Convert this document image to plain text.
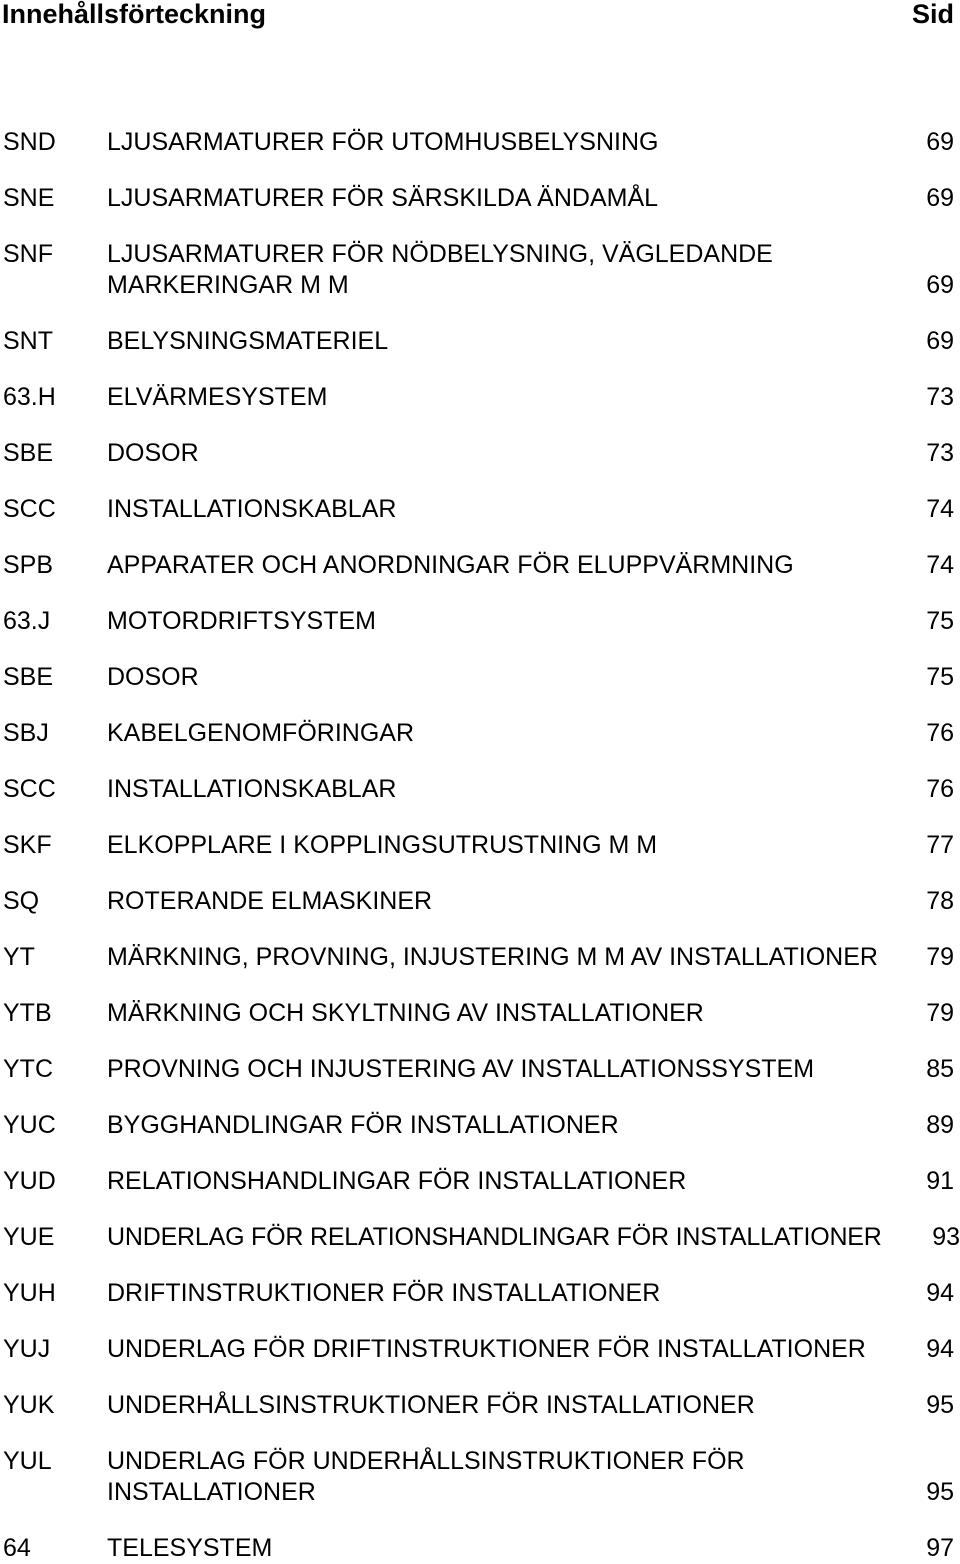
Innehållsförteckning	Sid
SND LJUSARMATURER FÖR UTOMHUSBELYSNING	69
SNE LJUSARMATURER FÖR SÄRSKILDA ÄNDAMÅL	69
SNF LJUSARMATURER FÖR NÖDBELYSNING, VÄGLEDANDE
MARKERINGAR M M	69
SNT BELYSNINGSMATERIEL	69
63.H ELVÄRMESYSTEM	73
SBE DOSOR	73
SCC INSTALLATIONSKABLAR	74
SPB APPARATER OCH ANORDNINGAR FÖR ELUPPVÄRMNING	74
63.J MOTORDRIFTSYSTEM	75
SBE DOSOR	75
SBJ KABELGENOMFÖRINGAR	76
SCC INSTALLATIONSKABLAR	76
SKF ELKOPPLARE I KOPPLINGSUTRUSTNING M M	77
SQ	ROTERANDE ELMASKINER	78
YT	MÄRKNING, PROVNING, INJUSTERING M M AV INSTALLATIONER 79
YTB MÄRKNING OCH SKYLTNING AV INSTALLATIONER	79
YTC PROVNING OCH INJUSTERING AV INSTALLATIONSSYSTEM	85
YUC BYGGHANDLINGAR FÖR INSTALLATIONER	89
YUD RELATIONSHANDLINGAR FÖR INSTALLATIONER	91
YUE UNDERLAG FÖR RELATIONSHANDLINGAR FÖR INSTALLATIONER 93
YUH DRIFTINSTRUKTIONER FÖR INSTALLATIONER	94
YUJ UNDERLAG FÖR DRIFTINSTRUKTIONER FÖR INSTALLATIONER 94
YUK UNDERHÅLLSINSTRUKTIONER FÖR INSTALLATIONER	95
YUL UNDERLAG FÖR UNDERHÅLLSINSTRUKTIONER FÖR
INSTALLATIONER	95
64	TELESYSTEM	97
